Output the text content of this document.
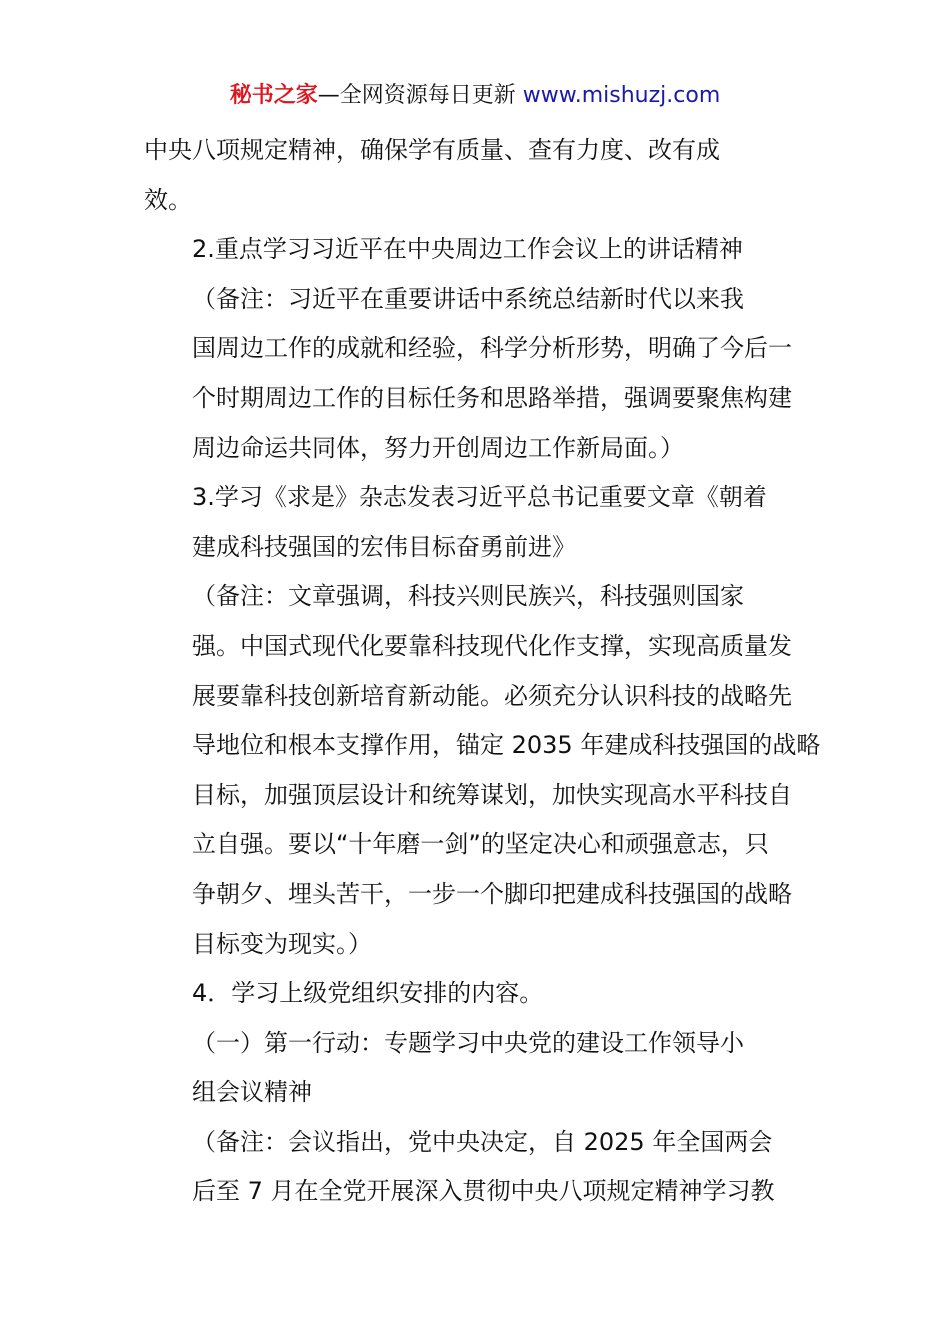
秘书之家—全网资源每日更新 www.mishuzj.com

中央八项规定精神，确保学有质量、查有力度、改有成
效。

2.重点学习习近平在中央周边工作会议上的讲话精神

（备注：习近平在重要讲话中系统总结新时代以来我
国周边工作的成就和经验，科学分析形势，明确了今后一
个时期周边工作的目标任务和思路举措，强调要聚焦构建
周边命运共同体，努力开创周边工作新局面。）

3.学习《求是》杂志发表习近平总书记重要文章《朝着
建成科技强国的宏伟目标奋勇前进》

（备注：文章强调，科技兴则民族兴，科技强则国家
强。中国式现代化要靠科技现代化作支撑，实现高质量发
展要靠科技创新培育新动能。必须充分认识科技的战略先
导地位和根本支撑作用，锚定 2035 年建成科技强国的战略
目标，加强顶层设计和统筹谋划，加快实现高水平科技自
立自强。要以“十年磨一剑”的坚定决心和顽强意志，只
争朝夕、埋头苦干，一步一个脚印把建成科技强国的战略
目标变为现实。）

4．学习上级党组织安排的内容。

（一）第一行动：专题学习中央党的建设工作领导小
组会议精神

（备注：会议指出，党中央决定，自 2025 年全国两会
后至 7 月在全党开展深入贯彻中央八项规定精神学习教
